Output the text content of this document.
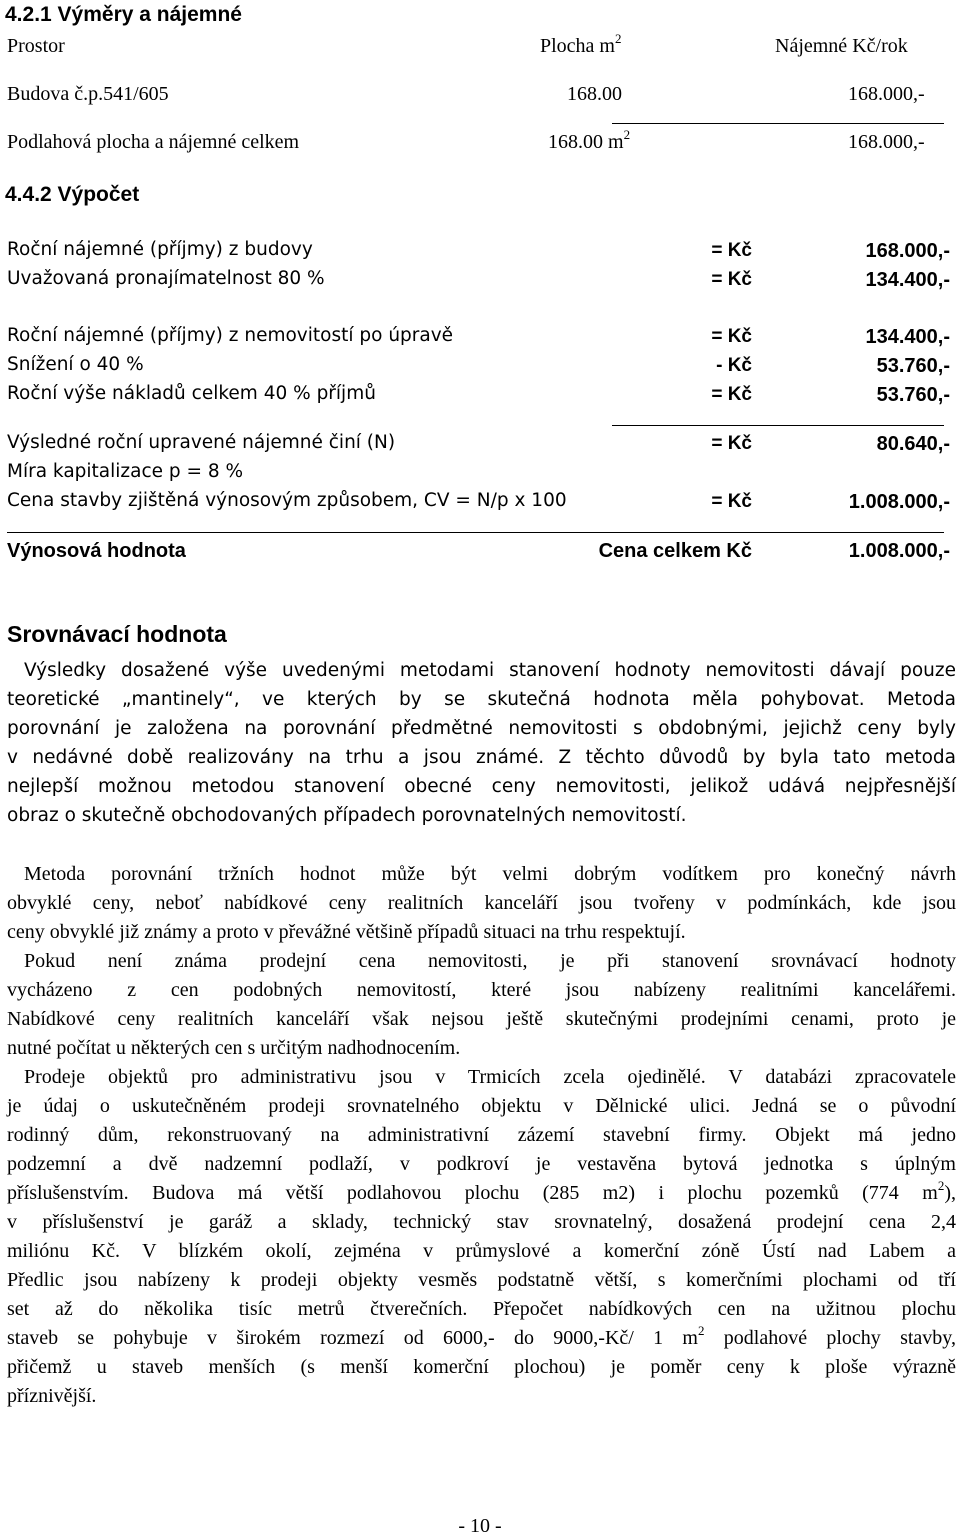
4.2.1 Výměry a nájemné
Prostor	Plocha $m^2$	Nájemné Kč/rok
Budova č.p.541/605	168.00	168.000,-
Podlahová plocha a nájemné celkem	168.00 $m^2$	168.000,-
4.4.2 Výpočet
Roční nájemné (příjmy) z budovy	= Kč	168.000,-
Uvažovaná pronajímatelnost 80 %	= Kč	134.400,-
Roční nájemné (příjmy) z nemovitostí po úpravě	= Kč	134.400,-
Snížení o 40 %	- Kč	53.760,-
Roční výše nákladů celkem 40 % příjmů	= Kč	53.760,-
Výsledné roční upravené nájemné činí (N)	= Kč	80.640,-
Míra kapitalizace p = 8 %
Cena stavby zjištěná výnosovým způsobem, CV = N/p x 100	= Kč	1.008.000,-
Výnosová hodnota	Cena celkem Kč	1.008.000,-
Srovnávací hodnota
Výsledky dosažené výše uvedenými metodami stanovení hodnoty nemovitosti dávají pouze
teoretické „mantinely“, ve kterých by se skutečná hodnota měla pohybovat. Metoda
porovnání je založena na porovnání předmětné nemovitosti s obdobnými, jejichž ceny byly
v nedávné době realizovány na trhu a jsou známé. Z těchto důvodů by byla tato metoda
nejlepší možnou metodou stanovení obecné ceny nemovitosti, jelikož udává nejpřesnější
obraz o skutečně obchodovaných případech porovnatelných nemovitostí.
Metoda porovnání tržních hodnot může být velmi dobrým vodítkem pro konečný návrh
obvyklé ceny, neboť nabídkové ceny realitních kanceláří jsou tvořeny v podmínkách, kde jsou
ceny obvyklé již známy a proto v převážné většině případů situaci na trhu respektují.
Pokud není známa prodejní cena nemovitosti, je při stanovení srovnávací hodnoty
vycházeno z cen podobných nemovitostí, které jsou nabízeny realitními kancelářemi.
Nabídkové ceny realitních kanceláří však nejsou ještě skutečnými prodejními cenami, proto je
nutné počítat u některých cen s určitým nadhodnocením.
Prodeje objektů pro administrativu jsou v Trmicích zcela ojedinělé. V databázi zpracovatele
je údaj o uskutečněném prodeji srovnatelného objektu v Dělnické ulici. Jedná se o původní
rodinný dům, rekonstruovaný na administrativní zázemí stavební firmy. Objekt má jedno
podzemní a dvě nadzemní podlaží, v podkroví je vestavěna bytová jednotka s úplným
příslušenstvím. Budova má větší podlahovou plochu (285 m2) i plochu pozemků (774 $m^2$),
v příslušenství je garáž a sklady, technický stav srovnatelný, dosažená prodejní cena 2,4
miliónu Kč. V blízkém okolí, zejména v průmyslové a komerční zóně Ústí nad Labem a
Předlic jsou nabízeny k prodeji objekty vesměs podstatně větší, s komerčními plochami od tří
set až do několika tisíc metrů čtverečních. Přepočet nabídkových cen na užitnou plochu
staveb se pohybuje v širokém rozmezí od 6000,- do 9000,-Kč/ 1 $m^2$ podlahové plochy stavby,
přičemž u staveb menších (s menší komerční plochou) je poměr ceny k ploše výrazně
příznivější.
- 10 -
